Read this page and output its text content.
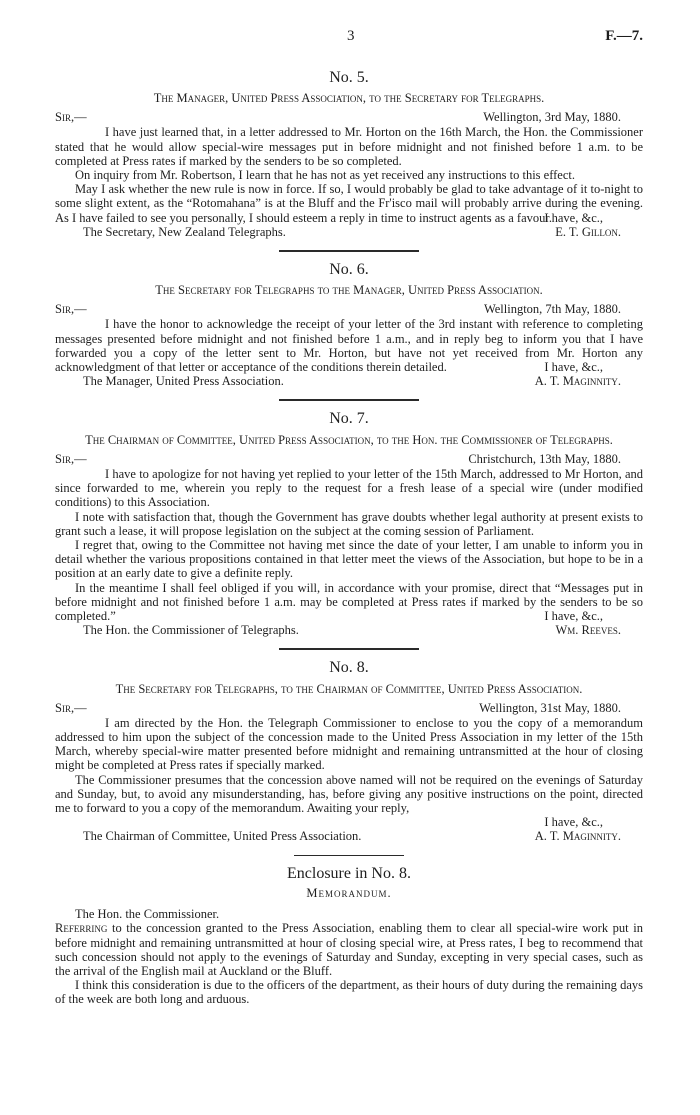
3	F.—7.
No. 5.
The Manager, United Press Association, to the Secretary for Telegraphs.
Sir,—	Wellington, 3rd May, 1880.

I have just learned that, in a letter addressed to Mr. Horton on the 16th March, the Hon. the Commissioner stated that he would allow special-wire messages put in before midnight and not finished before 1 a.m. to be completed at Press rates if marked by the senders to be so completed.

On inquiry from Mr. Robertson, I learn that he has not as yet received any instructions to this effect.

May I ask whether the new rule is now in force. If so, I would probably be glad to take advantage of it to-night to some slight extent, as the “Rotomahana” is at the Bluff and the Fr'isco mail will probably arrive during the evening. As I have failed to see you personally, I should esteem a reply in time to instruct agents as a favour.

I have, &c.,
The Secretary, New Zealand Telegraphs.	E. T. Gillon.
No. 6.
The Secretary for Telegraphs to the Manager, United Press Association.
Sir,—	Wellington, 7th May, 1880.

I have the honor to acknowledge the receipt of your letter of the 3rd instant with reference to completing messages presented before midnight and not finished before 1 a.m., and in reply beg to inform you that I have forwarded you a copy of the letter sent to Mr. Horton, but have not yet received from Mr. Horton any acknowledgment of that letter or acceptance of the conditions therein detailed.	I have, &c.,
The Manager, United Press Association.	A. T. Maginnity.
No. 7.
The Chairman of Committee, United Press Association, to the Hon. the Commissioner of Telegraphs.
Sir,—	Christchurch, 13th May, 1880.

I have to apologize for not having yet replied to your letter of the 15th March, addressed to Mr Horton, and since forwarded to me, wherein you reply to the request for a fresh lease of a special wire (under modified conditions) to this Association.

I note with satisfaction that, though the Government has grave doubts whether legal authority at present exists to grant such a lease, it will propose legislation on the subject at the coming session of Parliament.

I regret that, owing to the Committee not having met since the date of your letter, I am unable to inform you in detail whether the various propositions contained in that letter meet the views of the Association, but hope to be in a position at an early date to give a definite reply.

In the meantime I shall feel obliged if you will, in accordance with your promise, direct that “Messages put in before midnight and not finished before 1 a.m. may be completed at Press rates if marked by the senders to be so completed.”	I have, &c.,
The Hon. the Commissioner of Telegraphs.	Wm. Reeves.
No. 8.
The Secretary for Telegraphs, to the Chairman of Committee, United Press Association.
Sir,—	Wellington, 31st May, 1880.

I am directed by the Hon. the Telegraph Commissioner to enclose to you the copy of a memorandum addressed to him upon the subject of the concession made to the United Press Association in my letter of the 15th March, whereby special-wire matter presented before midnight and remaining untransmitted at the hour of closing might be completed at Press rates if specially marked.

The Commissioner presumes that the concession above named will not be required on the evenings of Saturday and Sunday, but, to avoid any misunderstanding, has, before giving any positive instructions on the point, directed me to forward to you a copy of the memorandum. Awaiting your reply,

I have, &c.,
The Chairman of Committee, United Press Association.	A. T. Maginnity.
Enclosure in No. 8.
Memorandum.

The Hon. the Commissioner.

Referring to the concession granted to the Press Association, enabling them to clear all special-wire work put in before midnight and remaining untransmitted at hour of closing special wire, at Press rates, I beg to recommend that such concession should not apply to the evenings of Saturday and Sunday, excepting in very special cases, such as the arrival of the English mail at Auckland or the Bluff.

I think this consideration is due to the officers of the department, as their hours of duty during the remaining days of the week are both long and arduous.
